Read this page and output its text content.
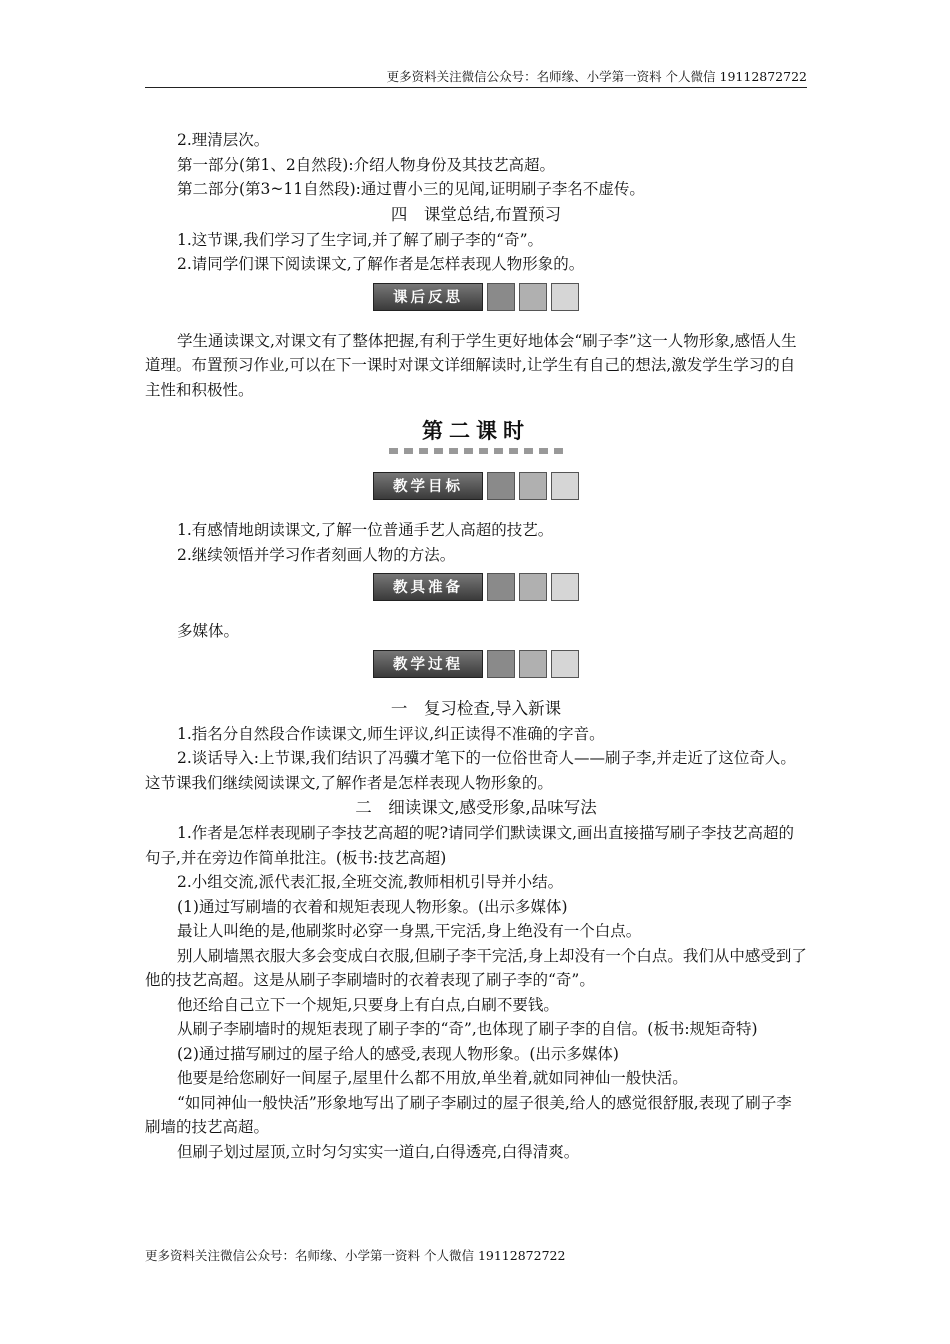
更多资料关注微信公众号：名师缘、小学第一资料 个人微信 19112872722

2.理清层次。

第一部分(第1、2自然段):介绍人物身份及其技艺高超。

第二部分(第3~11自然段):通过曹小三的见闻,证明刷子李名不虚传。

四　课堂总结,布置预习

1.这节课,我们学习了生字词,并了解了刷子李的“奇”。

2.请同学们课下阅读课文,了解作者是怎样表现人物形象的。

课后反思

学生通读课文,对课文有了整体把握,有利于学生更好地体会“刷子李”这一人物形象,感悟人生道理。布置预习作业,可以在下一课时对课文详细解读时,让学生有自己的想法,激发学生学习的自主性和积极性。

第二课时
教学目标

1.有感情地朗读课文,了解一位普通手艺人高超的技艺。

2.继续领悟并学习作者刻画人物的方法。

教具准备

多媒体。

教学过程

一　复习检查,导入新课

1.指名分自然段合作读课文,师生评议,纠正读得不准确的字音。

2.谈话导入:上节课,我们结识了冯骥才笔下的一位俗世奇人——刷子李,并走近了这位奇人。这节课我们继续阅读课文,了解作者是怎样表现人物形象的。

二　细读课文,感受形象,品味写法

1.作者是怎样表现刷子李技艺高超的呢?请同学们默读课文,画出直接描写刷子李技艺高超的句子,并在旁边作简单批注。(板书:技艺高超)

2.小组交流,派代表汇报,全班交流,教师相机引导并小结。

(1)通过写刷墙的衣着和规矩表现人物形象。(出示多媒体)

最让人叫绝的是,他刷浆时必穿一身黑,干完活,身上绝没有一个白点。

别人刷墙黑衣服大多会变成白衣服,但刷子李干完活,身上却没有一个白点。我们从中感受到了他的技艺高超。这是从刷子李刷墙时的衣着表现了刷子李的“奇”。

他还给自己立下一个规矩,只要身上有白点,白刷不要钱。

从刷子李刷墙时的规矩表现了刷子李的“奇”,也体现了刷子李的自信。(板书:规矩奇特)

(2)通过描写刷过的屋子给人的感受,表现人物形象。(出示多媒体)

他要是给您刷好一间屋子,屋里什么都不用放,单坐着,就如同神仙一般快活。

“如同神仙一般快活”形象地写出了刷子李刷过的屋子很美,给人的感觉很舒服,表现了刷子李刷墙的技艺高超。

但刷子划过屋顶,立时匀匀实实一道白,白得透亮,白得清爽。

更多资料关注微信公众号：名师缘、小学第一资料 个人微信 19112872722
